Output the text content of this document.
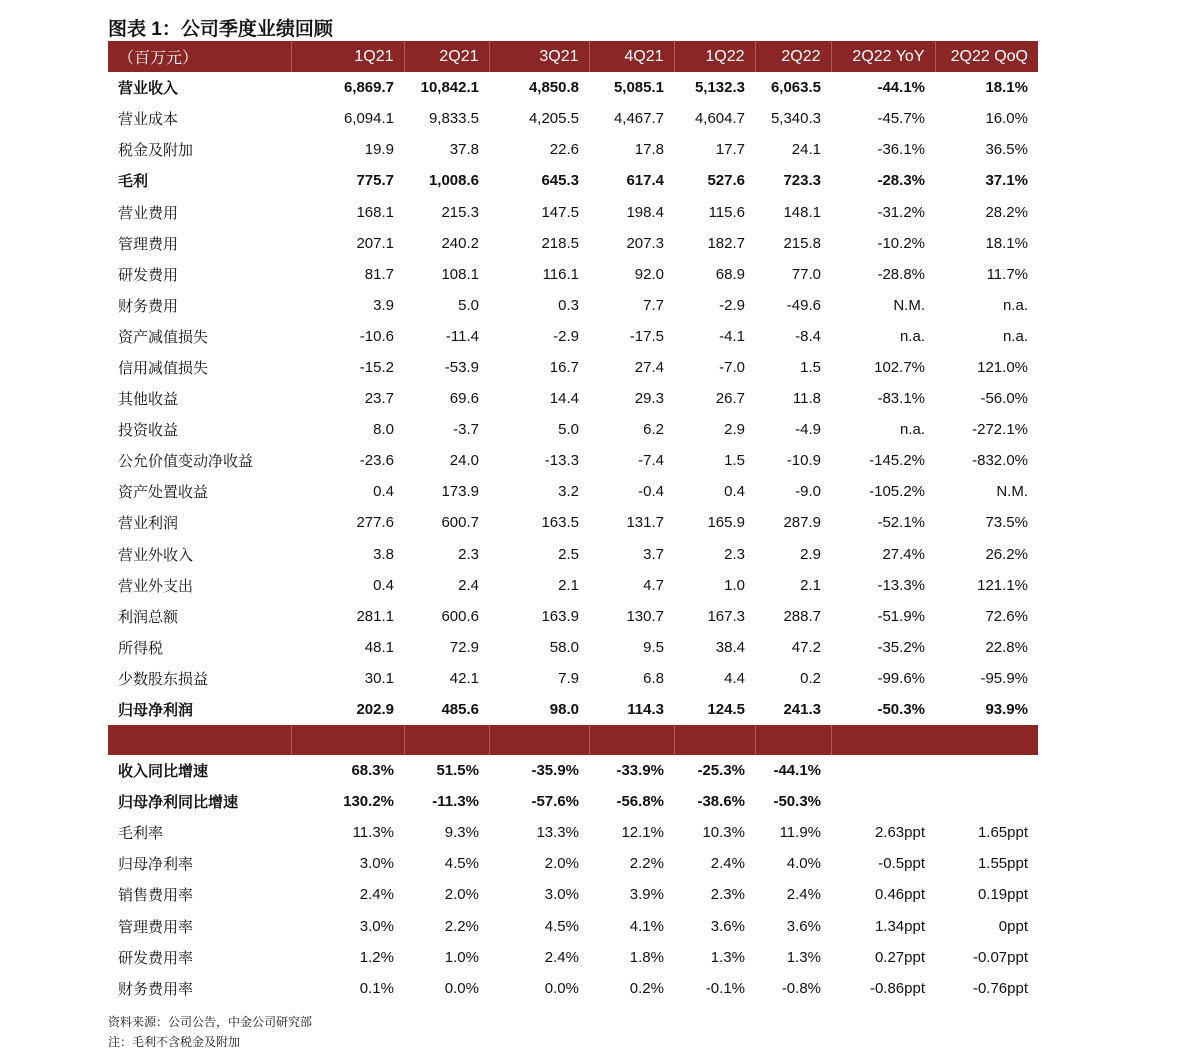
图表 1：公司季度业绩回顾
（百万元）	1Q21	2Q21	3Q21	4Q21	1Q22	2Q22	2Q22 YoY	2Q22 QoQ
营业收入	6,869.7	10,842.1	4,850.8	5,085.1	5,132.3	6,063.5	-44.1%	18.1%
营业成本	6,094.1	9,833.5	4,205.5	4,467.7	4,604.7	5,340.3	-45.7%	16.0%
税金及附加	19.9	37.8	22.6	17.8	17.7	24.1	-36.1%	36.5%
毛利	775.7	1,008.6	645.3	617.4	527.6	723.3	-28.3%	37.1%
营业费用	168.1	215.3	147.5	198.4	115.6	148.1	-31.2%	28.2%
管理费用	207.1	240.2	218.5	207.3	182.7	215.8	-10.2%	18.1%
研发费用	81.7	108.1	116.1	92.0	68.9	77.0	-28.8%	11.7%
财务费用	3.9	5.0	0.3	7.7	-2.9	-49.6	N.M.	n.a.
资产减值损失	-10.6	-11.4	-2.9	-17.5	-4.1	-8.4	n.a.	n.a.
信用减值损失	-15.2	-53.9	16.7	27.4	-7.0	1.5	102.7%	121.0%
其他收益	23.7	69.6	14.4	29.3	26.7	11.8	-83.1%	-56.0%
投资收益	8.0	-3.7	5.0	6.2	2.9	-4.9	n.a.	-272.1%
公允价值变动净收益	-23.6	24.0	-13.3	-7.4	1.5	-10.9	-145.2%	-832.0%
资产处置收益	0.4	173.9	3.2	-0.4	0.4	-9.0	-105.2%	N.M.
营业利润	277.6	600.7	163.5	131.7	165.9	287.9	-52.1%	73.5%
营业外收入	3.8	2.3	2.5	3.7	2.3	2.9	27.4%	26.2%
营业外支出	0.4	2.4	2.1	4.7	1.0	2.1	-13.3%	121.1%
利润总额	281.1	600.6	163.9	130.7	167.3	288.7	-51.9%	72.6%
所得税	48.1	72.9	58.0	9.5	38.4	47.2	-35.2%	22.8%
少数股东损益	30.1	42.1	7.9	6.8	4.4	0.2	-99.6%	-95.9%
归母净利润	202.9	485.6	98.0	114.3	124.5	241.3	-50.3%	93.9%

收入同比增速	68.3%	51.5%	-35.9%	-33.9%	-25.3%	-44.1%		
归母净利同比增速	130.2%	-11.3%	-57.6%	-56.8%	-38.6%	-50.3%		
毛利率	11.3%	9.3%	13.3%	12.1%	10.3%	11.9%	2.63ppt	1.65ppt
归母净利率	3.0%	4.5%	2.0%	2.2%	2.4%	4.0%	-0.5ppt	1.55ppt
销售费用率	2.4%	2.0%	3.0%	3.9%	2.3%	2.4%	0.46ppt	0.19ppt
管理费用率	3.0%	2.2%	4.5%	4.1%	3.6%	3.6%	1.34ppt	0ppt
研发费用率	1.2%	1.0%	2.4%	1.8%	1.3%	1.3%	0.27ppt	-0.07ppt
财务费用率	0.1%	0.0%	0.0%	0.2%	-0.1%	-0.8%	-0.86ppt	-0.76ppt
资料来源：公司公告，中金公司研究部
注：毛利不含税金及附加
